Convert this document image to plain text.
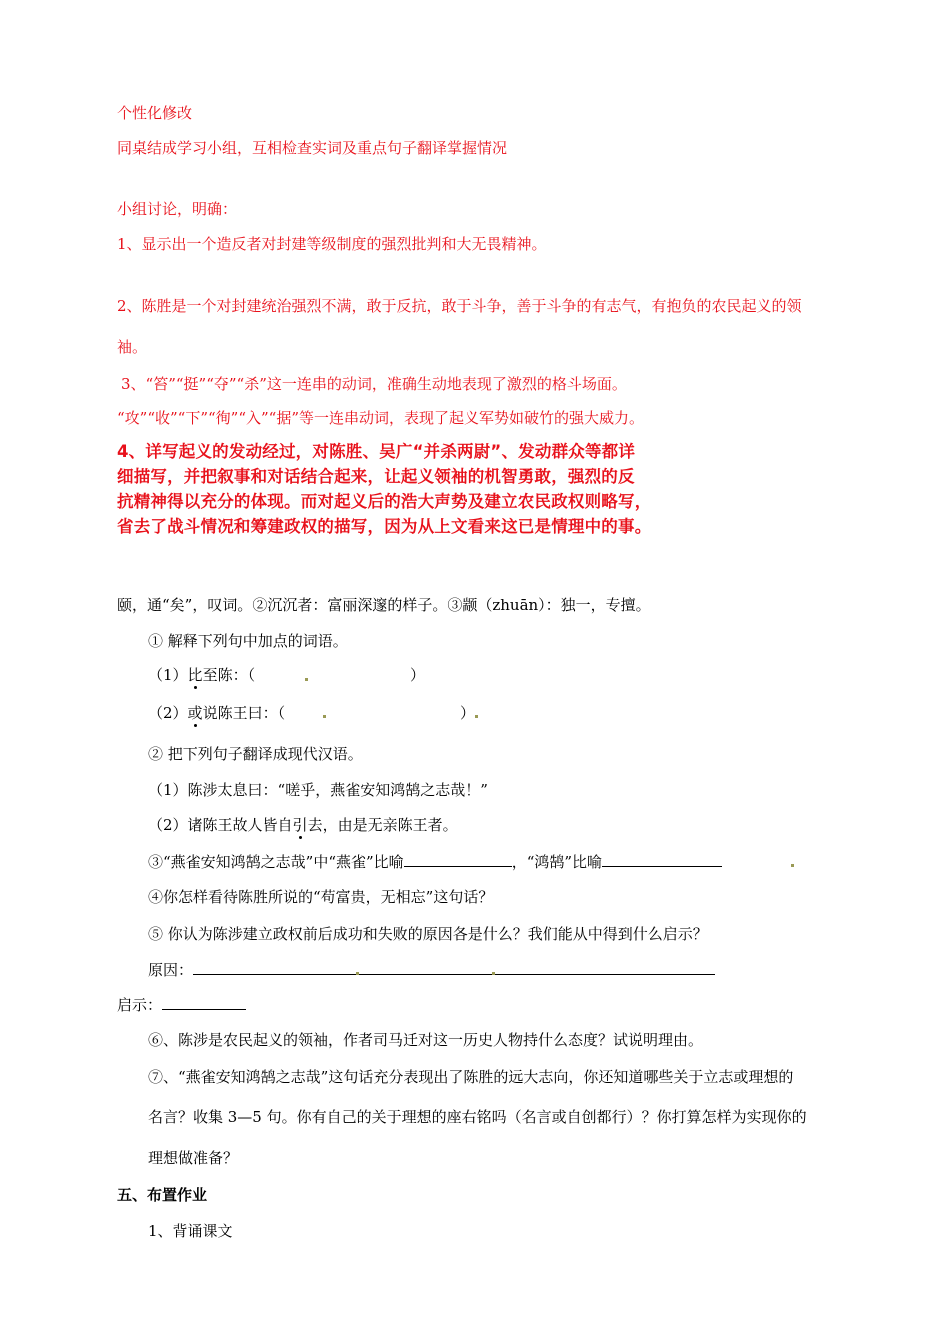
个性化修改
同桌结成学习小组，互相检查实词及重点句子翻译掌握情况
小组讨论，明确：
1、显示出一个造反者对封建等级制度的强烈批判和大无畏精神。
2、陈胜是一个对封建统治强烈不满，敢于反抗，敢于斗争，善于斗争的有志气，有抱负的农民起义的领
袖。
3、“笞”“挺”“夺”“杀”这一连串的动词，准确生动地表现了激烈的格斗场面。
“攻”“收”“下”“徇”“入”“据”等一连串动词，表现了起义军势如破竹的强大威力。
4、详写起义的发动经过，对陈胜、吴广“并杀两尉”、发动群众等都详
细描写，并把叙事和对话结合起来，让起义领袖的机智勇敢，强烈的反
抗精神得以充分的体现。而对起义后的浩大声势及建立农民政权则略写，
省去了战斗情况和筹建政权的描写，因为从上文看来这已是情理中的事。
颐，通“矣”，叹词。②沉沉者：富丽深邃的样子。③颛（zhuān）：独一，专擅。
① 解释下列句中加点的词语。
（1）比至陈：（	）
（2）或说陈王曰：（	）
② 把下列句子翻译成现代汉语。
（1）陈涉太息曰：“嗟乎，燕雀安知鸿鹄之志哉！”
（2）诸陈王故人皆自引去，由是无亲陈王者。
③“燕雀安知鸿鹄之志哉”中“燕雀”比喻	，“鸿鹄”比喻
④你怎样看待陈胜所说的“苟富贵，无相忘”这句话？
⑤ 你认为陈涉建立政权前后成功和失败的原因各是什么？我们能从中得到什么启示？
原因：
启示：
⑥、陈涉是农民起义的领袖，作者司马迁对这一历史人物持什么态度？试说明理由。
⑦、“燕雀安知鸿鹄之志哉”这句话充分表现出了陈胜的远大志向，你还知道哪些关于立志或理想的
名言？收集 3—5 句。你有自己的关于理想的座右铭吗（名言或自创都行）？你打算怎样为实现你的
理想做准备？
五、布置作业
1、背诵课文
